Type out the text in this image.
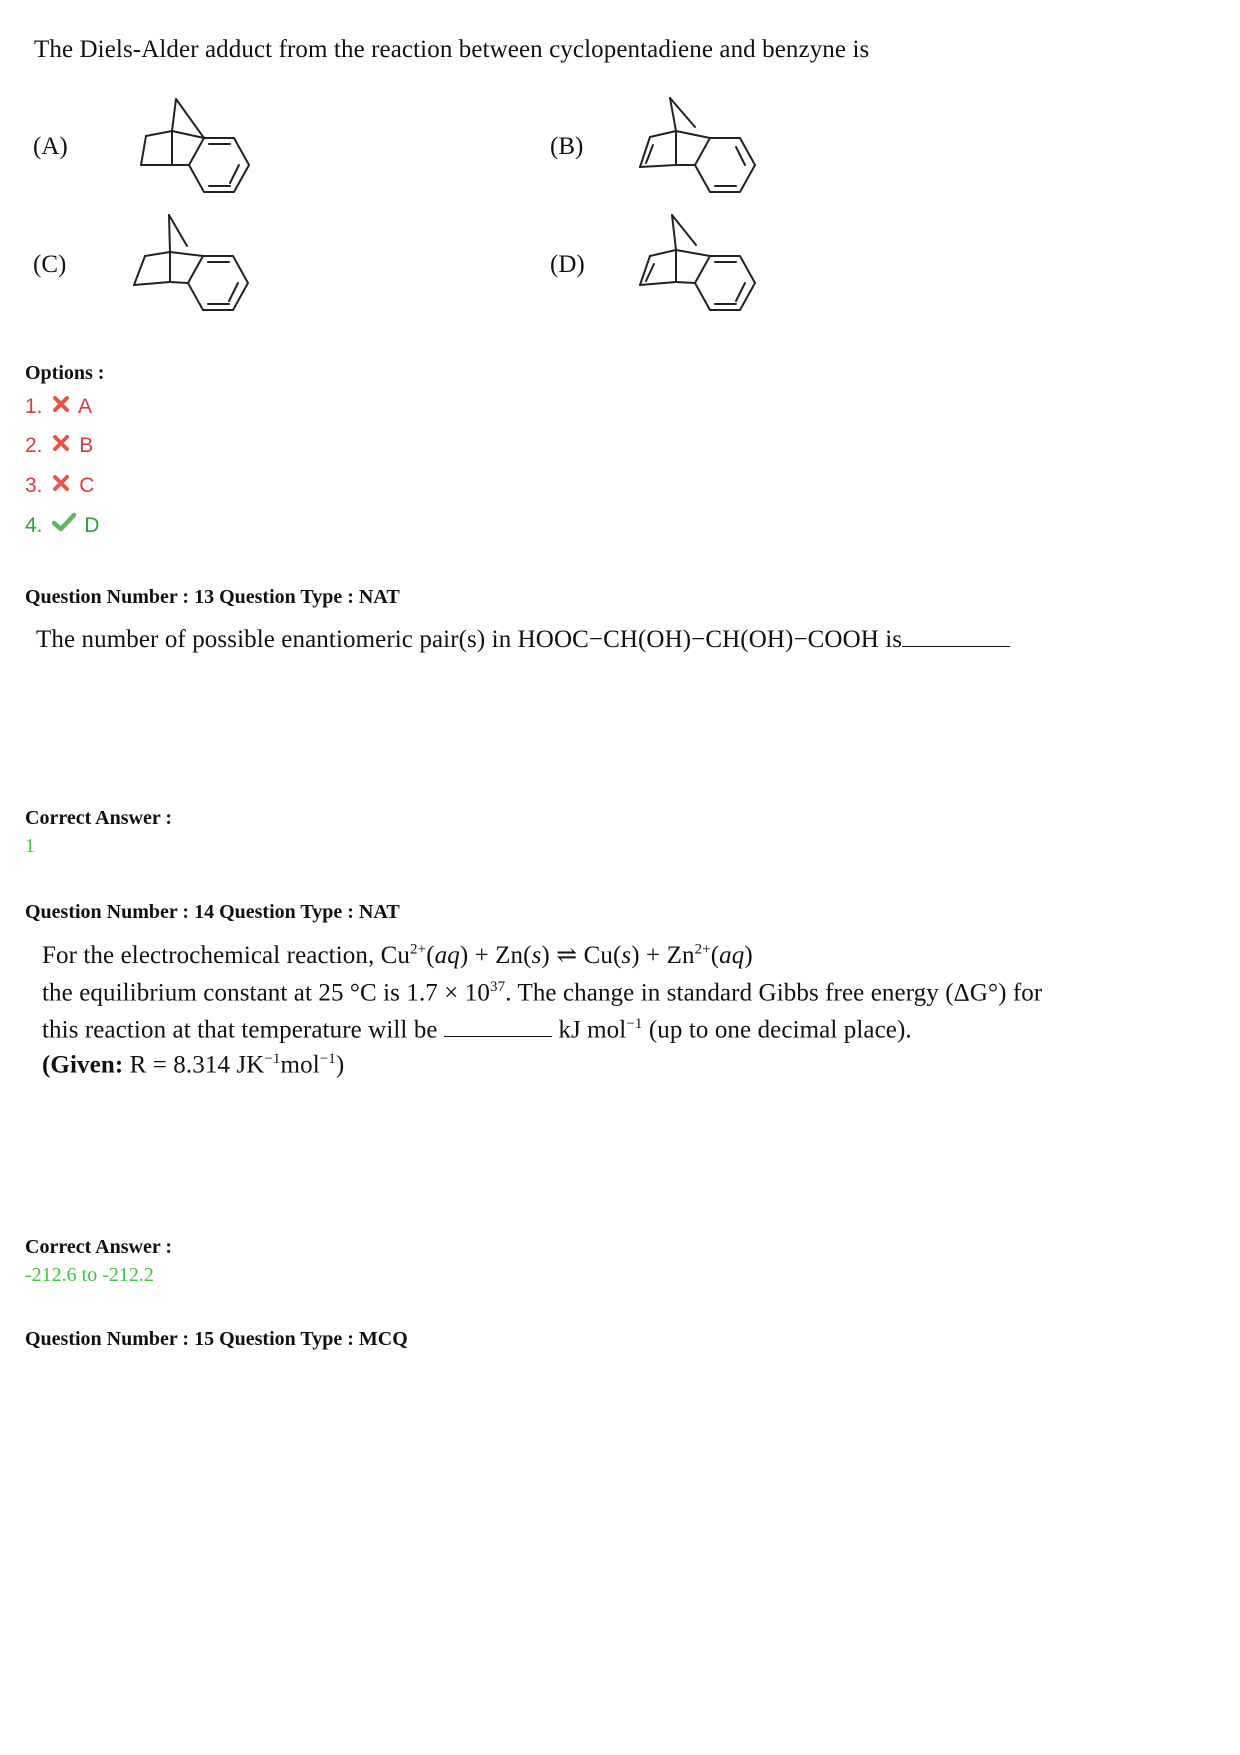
The Diels-Alder adduct from the reaction between cyclopentadiene and benzyne is
(A)	(B)
(C)	(D)
Options :
1. A
2. B
3. C
4. D
Question Number : 13 Question Type : NAT
The number of possible enantiomeric pair(s) in HOOC−CH(OH)−CH(OH)−COOH is
Correct Answer :
1
Question Number : 14 Question Type : NAT
For the electrochemical reaction, $Cu^{2+}(aq) + Zn(s)$ ⇌ $Cu(s) + Zn^{2+}(aq)$
the equilibrium constant at 25 °C is $1.7 \times 10^{37}$. The change in standard Gibbs free energy (ΔG°) for
this reaction at that temperature will be	kJ mol$^{-1}$ (up to one decimal place).
(Given: R = 8.314 $JK^{-1}mol^{-1}$)
Correct Answer :
-212.6 to -212.2
Question Number : 15 Question Type : MCQ
